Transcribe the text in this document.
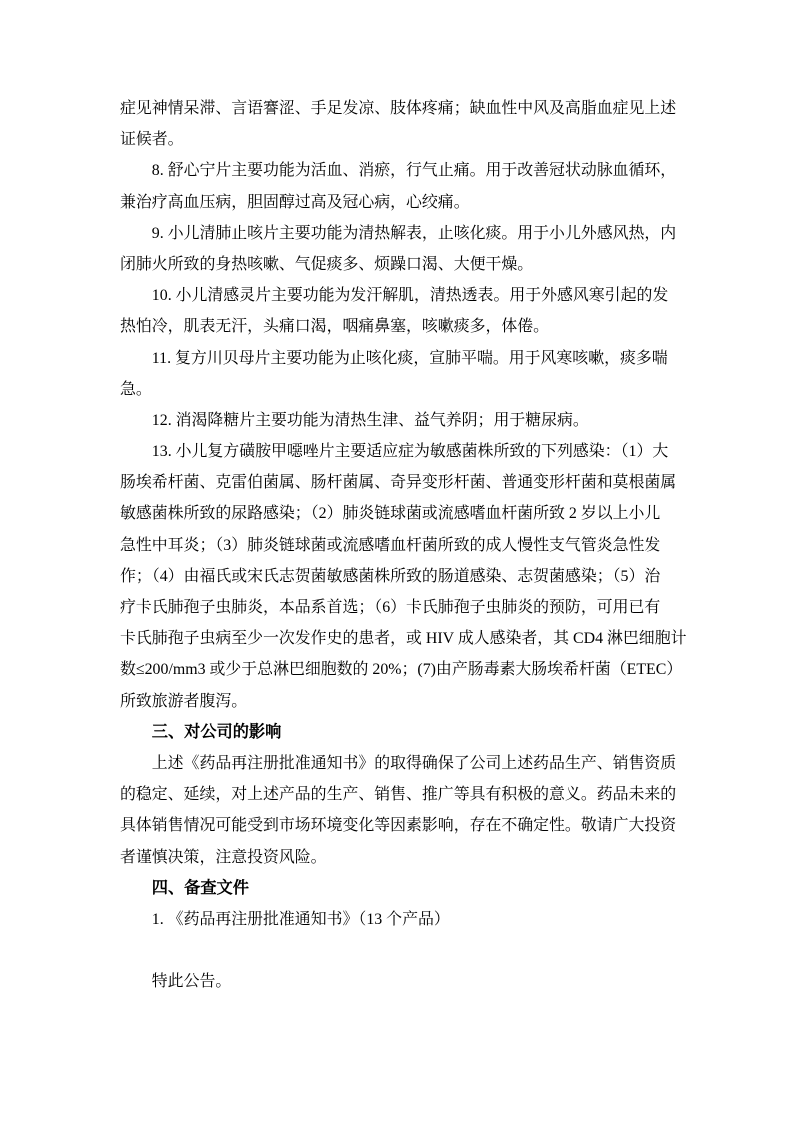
症见神情呆滞、言语謇涩、手足发凉、肢体疼痛；缺血性中风及高脂血症见上述
证候者。
8. 舒心宁片主要功能为活血、消瘀，行气止痛。用于改善冠状动脉血循环，
兼治疗高血压病，胆固醇过高及冠心病，心绞痛。
9. 小儿清肺止咳片主要功能为清热解表，止咳化痰。用于小儿外感风热，内
闭肺火所致的身热咳嗽、气促痰多、烦躁口渴、大便干燥。
10. 小儿清感灵片主要功能为发汗解肌，清热透表。用于外感风寒引起的发
热怕冷，肌表无汗，头痛口渴，咽痛鼻塞，咳嗽痰多，体倦。
11. 复方川贝母片主要功能为止咳化痰，宣肺平喘。用于风寒咳嗽，痰多喘
急。
12. 消渴降糖片主要功能为清热生津、益气养阴；用于糖尿病。
13. 小儿复方磺胺甲噁唑片主要适应症为敏感菌株所致的下列感染：（1）大
肠埃希杆菌、克雷伯菌属、肠杆菌属、奇异变形杆菌、普通变形杆菌和莫根菌属
敏感菌株所致的尿路感染；（2）肺炎链球菌或流感嗜血杆菌所致 2 岁以上小儿
急性中耳炎；（3）肺炎链球菌或流感嗜血杆菌所致的成人慢性支气管炎急性发
作；（4）由福氏或宋氏志贺菌敏感菌株所致的肠道感染、志贺菌感染；（5）治
疗卡氏肺孢子虫肺炎，本品系首选；（6）卡氏肺孢子虫肺炎的预防，可用已有
卡氏肺孢子虫病至少一次发作史的患者，或 HIV 成人感染者，其 CD4 淋巴细胞计
数≤200/mm3 或少于总淋巴细胞数的 20%；(7)由产肠毒素大肠埃希杆菌（ETEC）
所致旅游者腹泻。
三、对公司的影响
上述《药品再注册批准通知书》的取得确保了公司上述药品生产、销售资质
的稳定、延续，对上述产品的生产、销售、推广等具有积极的意义。药品未来的
具体销售情况可能受到市场环境变化等因素影响，存在不确定性。敬请广大投资
者谨慎决策，注意投资风险。
四、备查文件
1. 《药品再注册批准通知书》（13 个产品）
特此公告。
